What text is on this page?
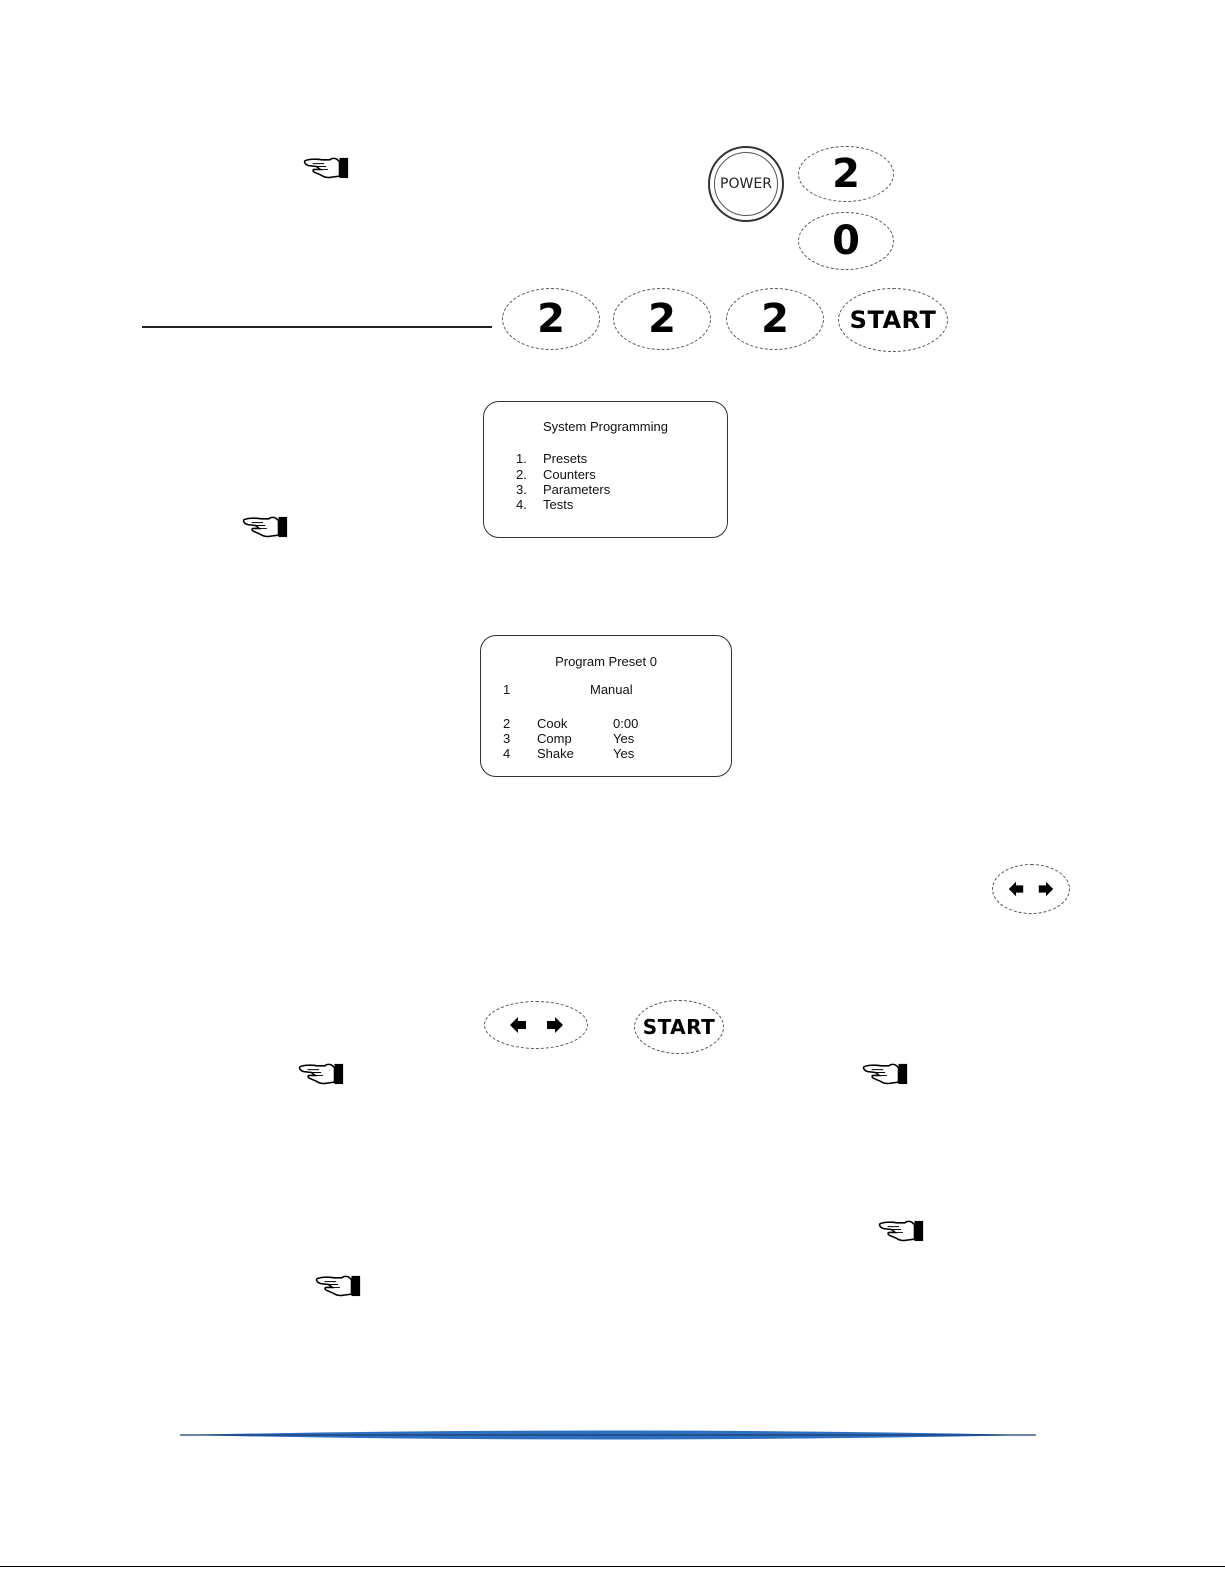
POWER	2
0
2	2	2	START
System Programming
1. Presets
2. Counters
3. Parameters
4. Tests
Program Preset 0
1	Manual
2 Cook	0:00
3 Comp	Yes
4 Shake	Yes
START
